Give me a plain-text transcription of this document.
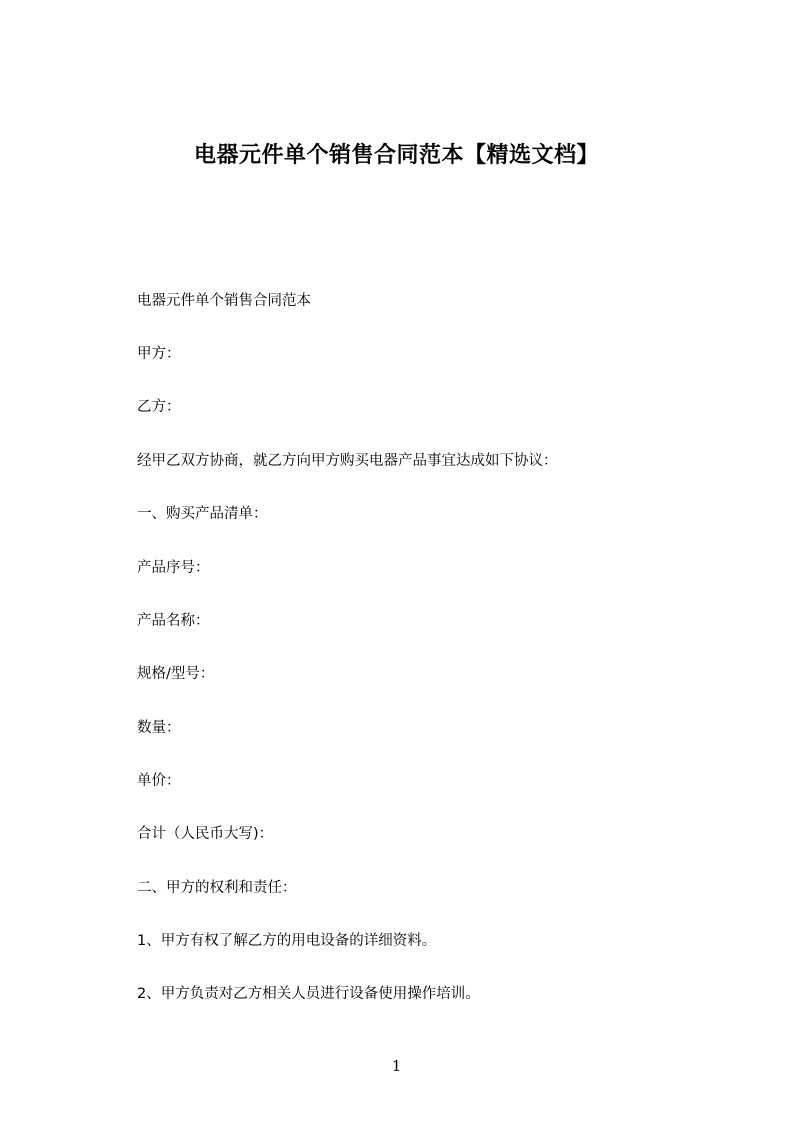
电器元件单个销售合同范本【精选文档】
电器元件单个销售合同范本
甲方：
乙方：
经甲乙双方协商，就乙方向甲方购买电器产品事宜达成如下协议：
一、购买产品清单：
产品序号：
产品名称：
规格/型号：
数量：
单价：
合计（人民币大写)：
二、甲方的权利和责任：
1、甲方有权了解乙方的用电设备的详细资料。
2、甲方负责对乙方相关人员进行设备使用操作培训。
1
